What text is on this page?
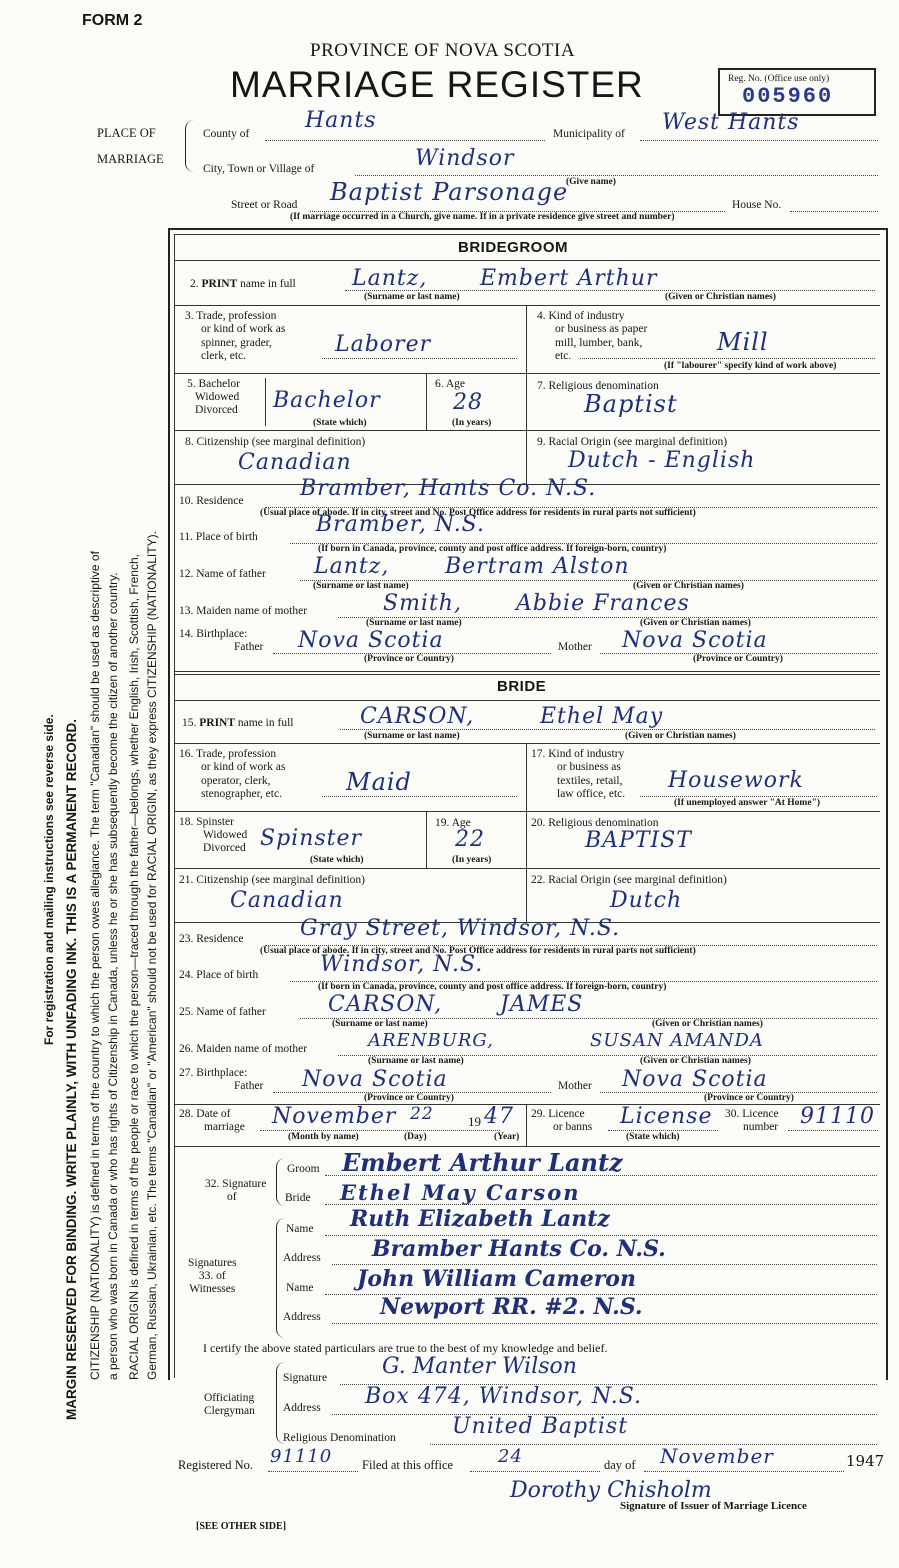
FORM 2
PROVINCE OF NOVA SCOTIA
MARRIAGE REGISTER	Reg. No. (Office use only)
005960
For registration and mailing instructions see reverse side. MARGIN RESERVED FOR BINDING. WRITE PLAINLY, WITH UNFADING INK. THIS IS A PERMANENT RECORD. CITIZENSHIP (NATIONALITY) is defined in terms of the country to which the person owes allegiance. The term "Canadian" should be used as descriptive of a person who was born in Canada or who has rights of Citizenship in Canada, unless he or she has subsequently become the citizen of another country. RACIAL ORIGIN is defined in terms of the people or race to which the person—traced through the father—belongs, whether English, Irish, Scottish, French, German, Russian, Ukrainian, etc. The terms "Canadian" or "American" should not be used for RACIAL ORIGIN, as they express CITIZENSHIP (NATIONALITY).
PLACE OF
MARRIAGE
County of
Hants
Municipality of West Hants
City, Town or Village of	Windsor
(Give name)
Street or Road Baptist Parsonage	House No.
(If marriage occurred in a Church, give name. If in a private residence give street and number)
BRIDEGROOM
2. PRINT name in full	Lantz, Embert Arthur
(Surname or last name)	(Given or Christian names)
3. Trade, profession
or kind of work as
spinner, grader,
clerk, etc.	Laborer
4. Kind of industry
or business as paper
mill, lumber, bank,
etc.	Mill
(If "labourer" specify kind of work above)
5. Bachelor
Widowed
Divorced Bachelor
(State which)
6. Age
28
(In years)
7. Religious denomination
Baptist
8. Citizenship (see marginal definition)
Canadian
9. Racial Origin (see marginal definition)
Dutch - English
10. Residence	Bramber, Hants Co. N.S.
(Usual place of abode. If in city, street and No. Post Office address for residents in rural parts not sufficient)
11. Place of birth	Bramber, N.S.
(If born in Canada, province, county and post office address. If foreign-born, country)
12. Name of father Lantz,	Bertram Alston
(Surname or last name)	(Given or Christian names)
13. Maiden name of mother	Smith, Abbie Frances
(Surname or last name)	(Given or Christian names)
14. Birthplace:
Father Nova Scotia
(Province or Country)
Mother Nova Scotia
(Province or Country)
BRIDE
15. PRINT name in full	CARSON,	Ethel May
(Surname or last name)	(Given or Christian names)
16. Trade, profession
or kind of work as
operator, clerk,
stenographer, etc.	Maid
17. Kind of industry
or business as
textiles, retail,
law office, etc.
Housework
(If unemployed answer "At Home")
18. Spinster
Widowed
Divorced Spinster
(State which)
19. Age
22
(In years)
20. Religious denomination
BAPTIST
21. Citizenship (see marginal definition)
Canadian
22. Racial Origin (see marginal definition)
Dutch
23. Residence	Gray Street, Windsor, N.S.
(Usual place of abode. If in city, street and No. Post Office address for residents in rural parts not sufficient)
24. Place of birth	Windsor, N.S.
(If born in Canada, province, county and post office address. If foreign-born, country)
25. Name of father	CARSON,	JAMES
(Surname or last name)	(Given or Christian names)
26. Maiden name of mother	ARENBURG,	SUSAN AMANDA
(Surname or last name)	(Given or Christian names)
27. Birthplace:
Father Nova Scotia
(Province or Country)
Mother Nova Scotia
(Province or Country)
28. Date of
marriage November 22	19 47
(Month by name)	(Day)	(Year)
29. Licence
or banns License
(State which)
30. Licence
number 91110
32. Signature
of
Groom Embert Arthur Lantz
Bride Ethel May Carson
Signatures
33. of
Witnesses
Name Ruth Elizabeth Lantz
Address Bramber Hants Co. N.S.
Name John William Cameron
Address	Newport RR. #2. N.S.
I certify the above stated particulars are true to the best of my knowledge and belief.
Officiating
Clergyman
Signature G. Manter Wilson
Address Box 474, Windsor, N.S.
Religious Denomination	United Baptist
Registered No. 91110 Filed at this office 24	day of November	1947
Dorothy Chisholm
Signature of Issuer of Marriage Licence
[SEE OTHER SIDE]
